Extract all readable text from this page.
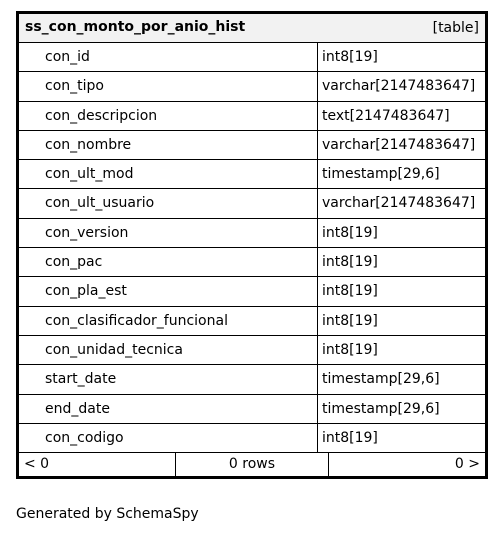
ss_con_monto_por_anio_hist	[table]
con_id	int8[19]
con_tipo	varchar[2147483647]
con_descripcion	text[2147483647]
con_nombre	varchar[2147483647]
con_ult_mod	timestamp[29,6]
con_ult_usuario	varchar[2147483647]
con_version	int8[19]
con_pac	int8[19]
con_pla_est	int8[19]
con_clasificador_funcional	int8[19]
con_unidad_tecnica	int8[19]
start_date	timestamp[29,6]
end_date	timestamp[29,6]
con_codigo	int8[19]
< 0	0 rows	0 >
Generated by SchemaSpy
